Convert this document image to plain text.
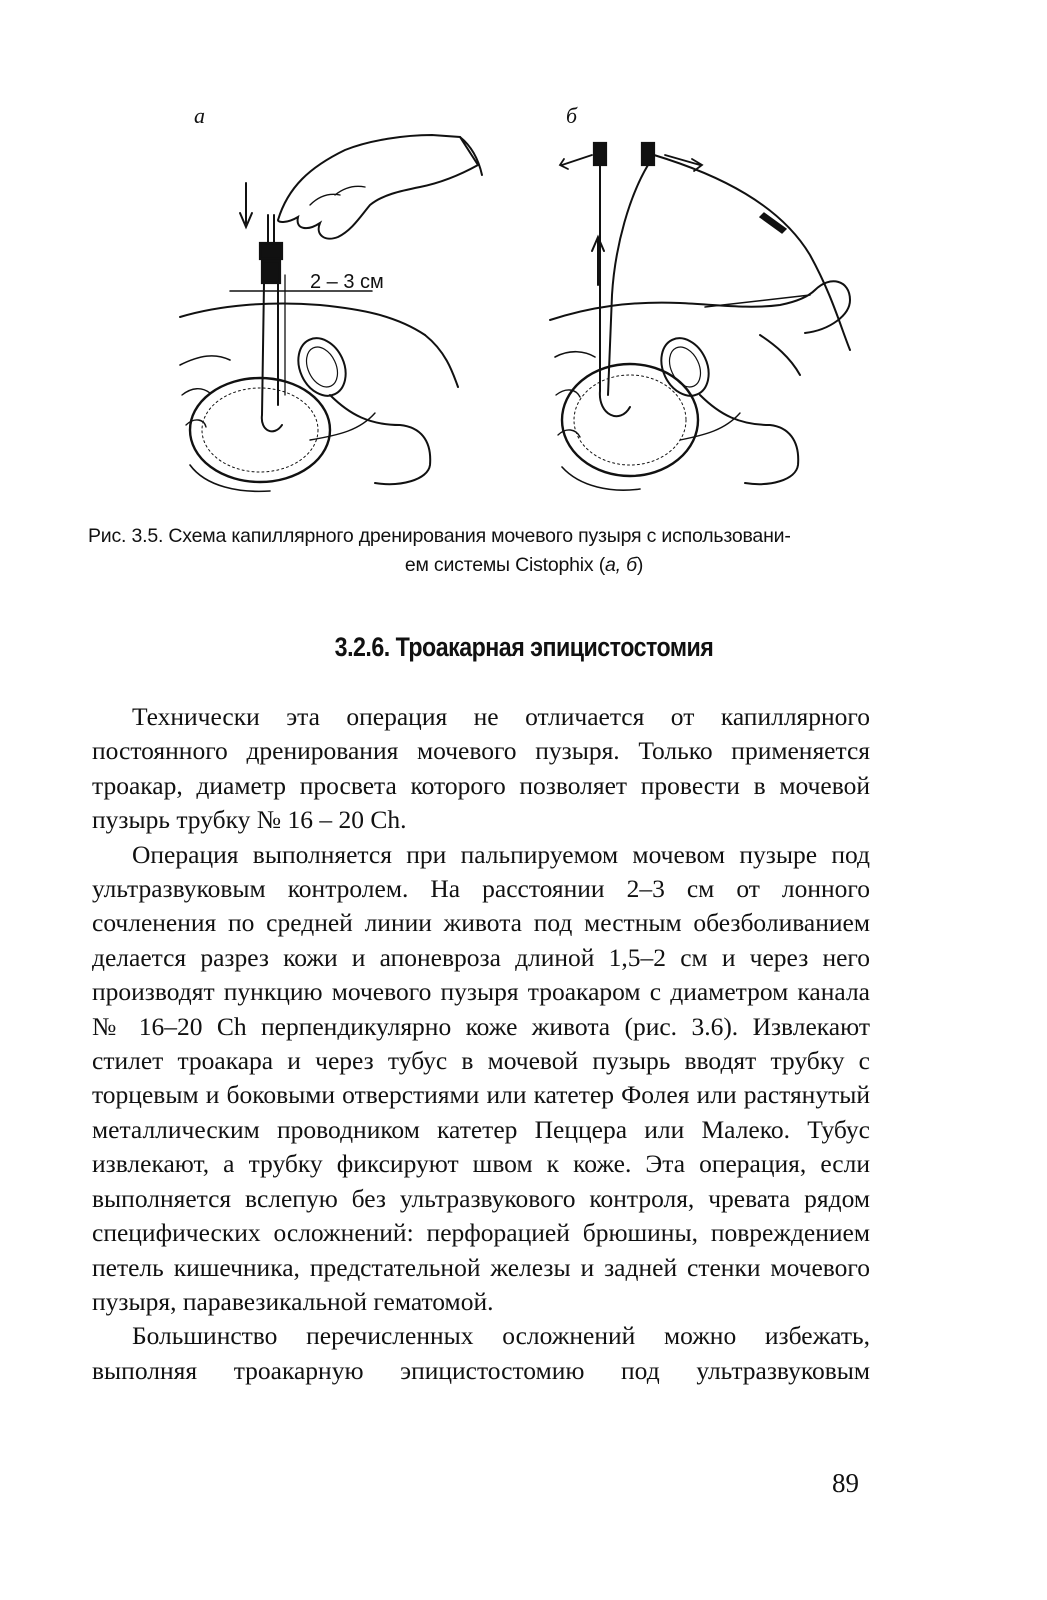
а	б
2 – 3 см
Рис. 3.5. Схема капиллярного дренирования мочевого пузыря с использовани-
ем системы Cistophix (а, б)
3.2.6. Троакарная эпицистостомия

Технически эта операция не отличается от капиллярного постоянного дренирования мочевого пузыря. Только применяется троакар, диаметр просвета которого позволяет провести в мочевой пузырь трубку № 16 – 20 Ch.

Операция выполняется при пальпируемом мочевом пузыре под ультразвуковым контролем. На расстоянии 2–3 см от лонного сочленения по средней линии живота под местным обезболиванием делается разрез кожи и апоневроза длиной 1,5–2 см и через него производят пункцию мочевого пузыря троакаром с диаметром канала № 16–20 Ch перпендикулярно коже живота (рис. 3.6). Извлекают стилет троакара и через тубус в мочевой пузырь вводят трубку с торцевым и боковыми отверстиями или катетер Фолея или растянутый металлическим проводником катетер Пеццера или Малеко. Тубус извлекают, а трубку фиксируют швом к коже. Эта операция, если выполняется вслепую без ультразвукового контроля, чревата рядом специфических осложнений: перфорацией брюшины, повреждением петель кишечника, предстательной железы и задней стенки мочевого пузыря, паравезикальной гематомой.

Большинство перечисленных осложнений можно избежать, выполняя троакарную эпицистостомию под ультразвуковым

89
